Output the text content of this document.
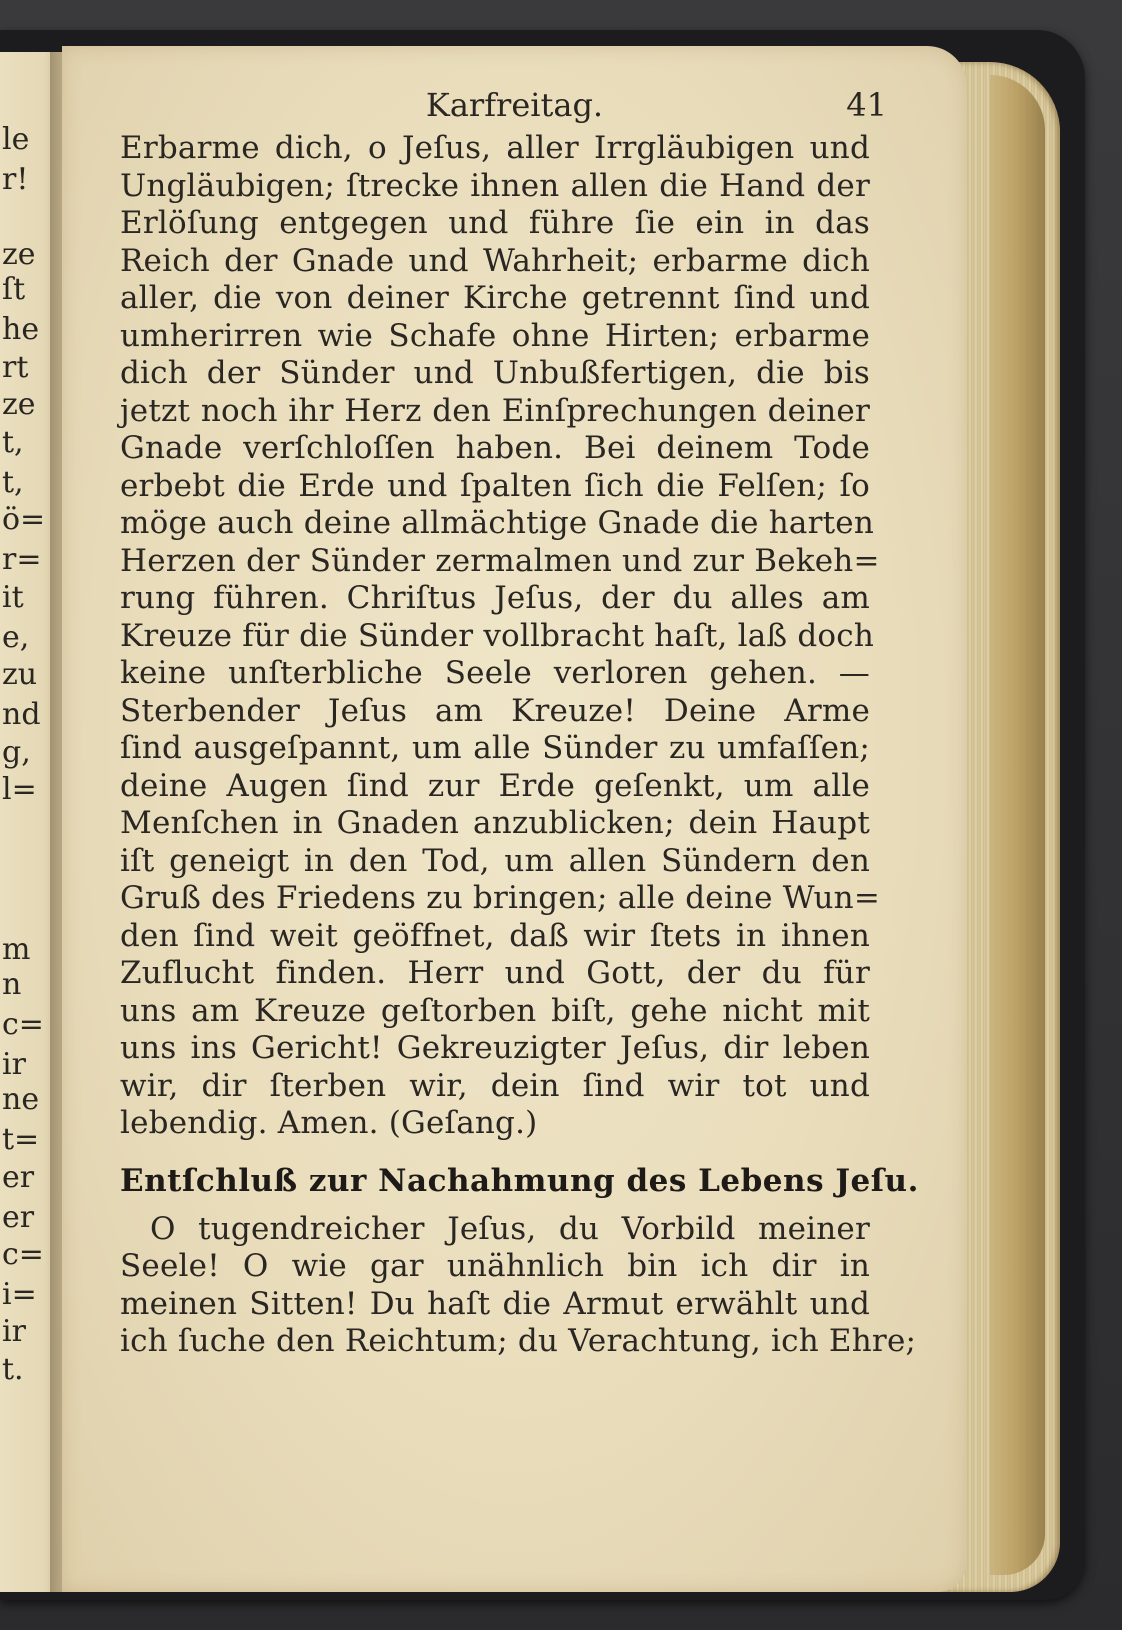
le
r!
ze
ſt
he
rt
ze
t,
t,
ö=
r=
it
e,
zu
nd
g,
l=
m
n
c=
ir
ne
t=
er
er
c=
i=
ir
t.
Karfreitag.	41
Erbarme dich, o Jeſus, aller Irrgläubigen und
Ungläubigen; ſtrecke ihnen allen die Hand der
Erlöſung entgegen und führe ſie ein in das
Reich der Gnade und Wahrheit; erbarme dich
aller, die von deiner Kirche getrennt ſind und
umherirren wie Schafe ohne Hirten; erbarme
dich der Sünder und Unbußfertigen, die bis
jetzt noch ihr Herz den Einſprechungen deiner
Gnade verſchloſſen haben. Bei deinem Tode
erbebt die Erde und ſpalten ſich die Felſen; ſo
möge auch deine allmächtige Gnade die harten
Herzen der Sünder zermalmen und zur Bekeh=
rung führen. Chriſtus Jeſus, der du alles am
Kreuze für die Sünder vollbracht haſt, laß doch
keine unſterbliche Seele verloren gehen. —
Sterbender Jeſus am Kreuze! Deine Arme
ſind ausgeſpannt, um alle Sünder zu umfaſſen;
deine Augen ſind zur Erde geſenkt, um alle
Menſchen in Gnaden anzublicken; dein Haupt
iſt geneigt in den Tod, um allen Sündern den
Gruß des Friedens zu bringen; alle deine Wun=
den ſind weit geöffnet, daß wir ſtets in ihnen
Zuflucht finden. Herr und Gott, der du für
uns am Kreuze geſtorben biſt, gehe nicht mit
uns ins Gericht! Gekreuzigter Jeſus, dir leben
wir, dir ſterben wir, dein ſind wir tot und
lebendig. Amen. (Geſang.)
Entſchluß zur Nachahmung des Lebens Jeſu.
O tugendreicher Jeſus, du Vorbild meiner
Seele! O wie gar unähnlich bin ich dir in
meinen Sitten! Du haſt die Armut erwählt und
ich ſuche den Reichtum; du Verachtung, ich Ehre;
